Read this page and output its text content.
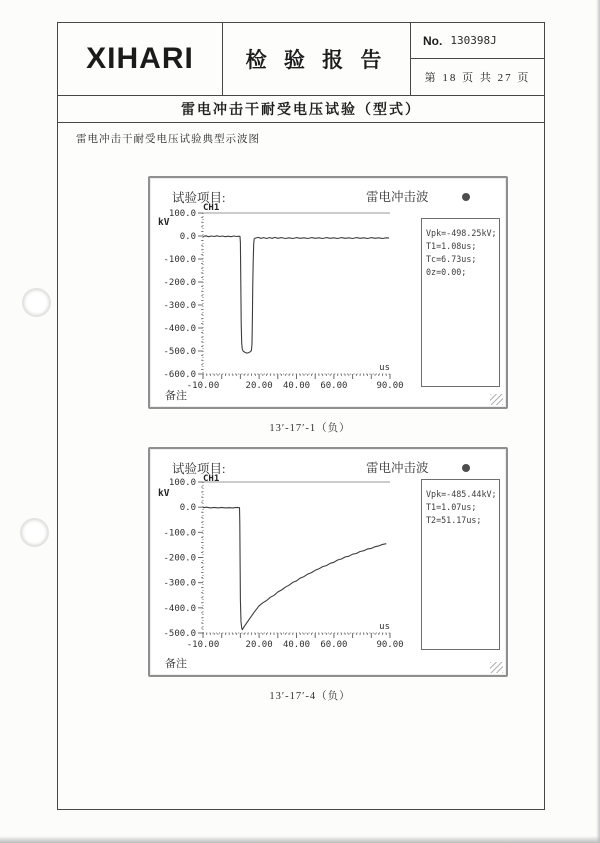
XIHARI 检 验 报 告
No. 130398J
第 18 页 共 27 页
雷电冲击干耐受电压试验（型式）
雷电冲击干耐受电压试验典型示波图
试验项目:	雷电冲击波
CH1
kV
100.0
0.0
-100.0
-200.0
-300.0
-400.0
-500.0
-600.0
-10.00	20.00 40.00 60.00	90.00
us
Vpk=-498.25kV;
T1=1.08us;
Tc=6.73us;
0z=0.00;
备注
13′-17′-1（负）
试验项目:	雷电冲击波
CH1
kV
100.0
0.0
-100.0
-200.0
-300.0
-400.0
-500.0
-10.00	20.00 40.00 60.00	90.00
us
Vpk=-485.44kV;
T1=1.07us;
T2=51.17us;
备注
13′-17′-4（负）
